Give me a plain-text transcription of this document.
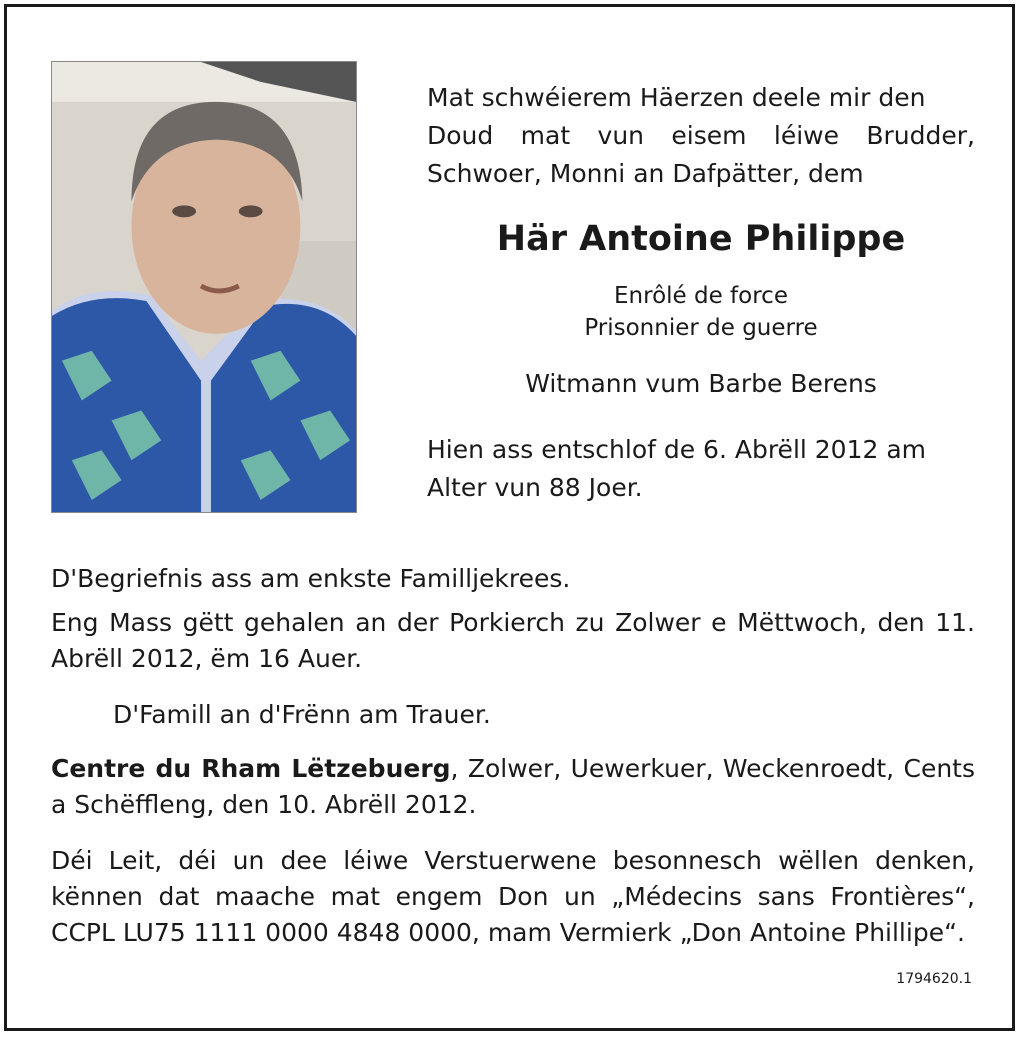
Mat schwéierem Häerzen deele mir den
Doud mat vun eisem léiwe Brudder,
Schwoer, Monni an Dafpätter, dem
Här Antoine Philippe
Enrôlé de force
Prisonnier de guerre
Witmann vum Barbe Berens
Hien ass entschlof de 6. Abrëll 2012 am
Alter vun 88 Joer.
D'Begriefnis ass am enkste Familljekrees.
Eng Mass gëtt gehalen an der Porkierch zu Zolwer e Mëttwoch, den 11. Abrëll 2012, ëm 16 Auer.
D'Famill an d'Frënn am Trauer.
Centre du Rham Lëtzebuerg, Zolwer, Uewerkuer, Weckenroedt, Cents a Schëffleng, den 10. Abrëll 2012.
Déi Leit, déi un dee léiwe Verstuerwene besonnesch wëllen denken, kënnen dat maache mat engem Don un „Médecins sans Frontières“, CCPL LU75 1111 0000 4848 0000, mam Vermierk „Don Antoine Phillipe“.
1794620.1
